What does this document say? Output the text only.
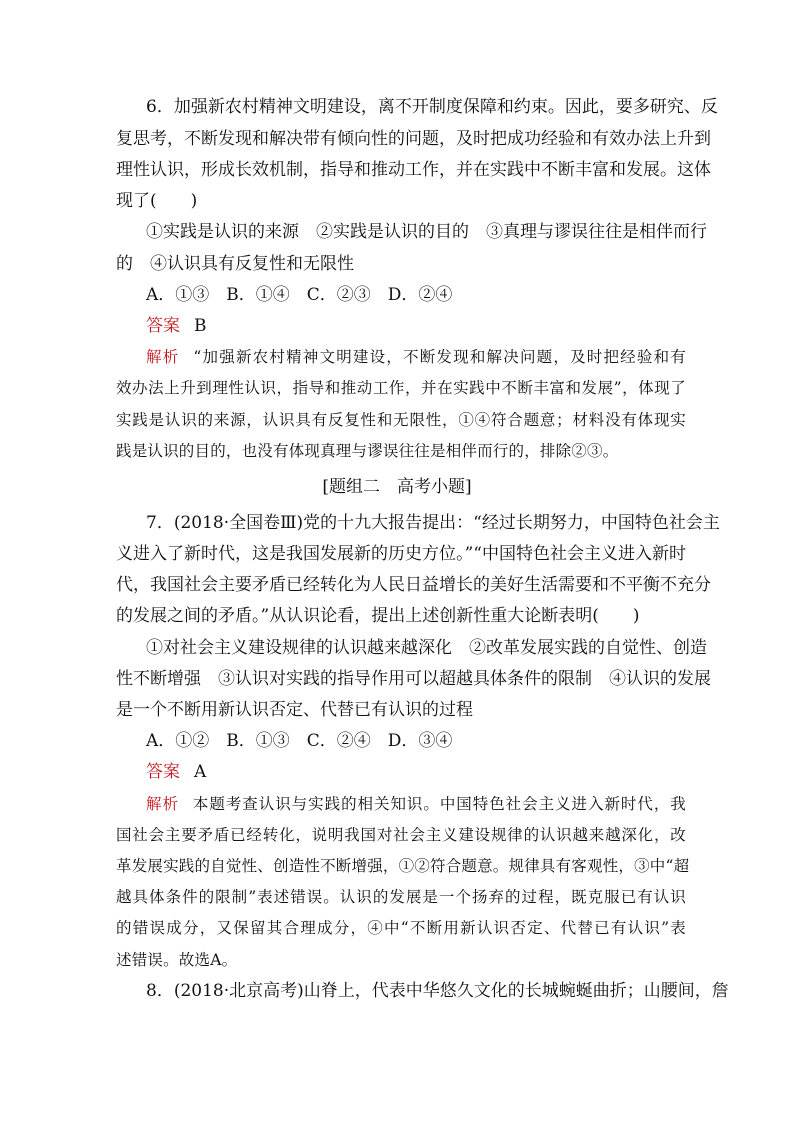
6．加强新农村精神文明建设，离不开制度保障和约束。因此，要多研究、反
复思考，不断发现和解决带有倾向性的问题，及时把成功经验和有效办法上升到
理性认识，形成长效机制，指导和推动工作，并在实践中不断丰富和发展。这体
现了(　　)
①实践是认识的来源　②实践是认识的目的　③真理与谬误往往是相伴而行
的　④认识具有反复性和无限性
A．①③　B．①④　C．②③　D．②④
答案 B
解析 “加强新农村精神文明建设，不断发现和解决问题，及时把经验和有
效办法上升到理性认识，指导和推动工作，并在实践中不断丰富和发展”，体现了
实践是认识的来源，认识具有反复性和无限性，①④符合题意；材料没有体现实
践是认识的目的，也没有体现真理与谬误往往是相伴而行的，排除②③。
[题组二　高考小题]
7．(2018·全国卷Ⅲ)党的十九大报告提出：“经过长期努力，中国特色社会主
义进入了新时代，这是我国发展新的历史方位。”“中国特色社会主义进入新时
代，我国社会主要矛盾已经转化为人民日益增长的美好生活需要和不平衡不充分
的发展之间的矛盾。”从认识论看，提出上述创新性重大论断表明(　　)
①对社会主义建设规律的认识越来越深化　②改革发展实践的自觉性、创造
性不断增强　③认识对实践的指导作用可以超越具体条件的限制　④认识的发展
是一个不断用新认识否定、代替已有认识的过程
A．①②　B．①③　C．②④　D．③④
答案 A
解析 本题考查认识与实践的相关知识。中国特色社会主义进入新时代，我
国社会主要矛盾已经转化，说明我国对社会主义建设规律的认识越来越深化，改
革发展实践的自觉性、创造性不断增强，①②符合题意。规律具有客观性，③中“超
越具体条件的限制”表述错误。认识的发展是一个扬弃的过程，既克服已有认识
的错误成分，又保留其合理成分，④中“不断用新认识否定、代替已有认识”表
述错误。故选A。
8．(2018·北京高考)山脊上，代表中华悠久文化的长城蜿蜒曲折；山腰间，詹
